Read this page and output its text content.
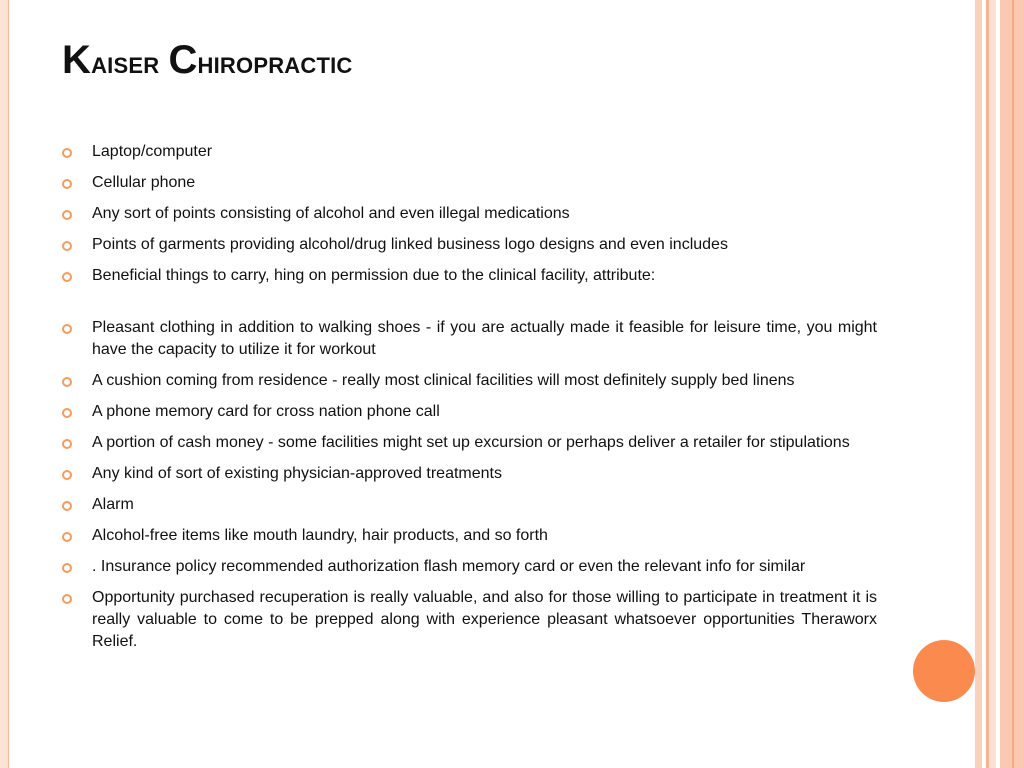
Kaiser Chiropractic
Laptop/computer
Cellular phone
Any sort of points consisting of alcohol and even illegal medications
Points of garments providing alcohol/drug linked business logo designs and even includes
Beneficial things to carry, hing on permission due to the clinical facility, attribute:
Pleasant clothing in addition to walking shoes - if you are actually made it feasible for leisure time, you might have the capacity to utilize it for workout
A cushion coming from residence - really most clinical facilities will most definitely supply bed linens
A phone memory card for cross nation phone call
A portion of cash money - some facilities might set up excursion or perhaps deliver a retailer for stipulations
Any kind of sort of existing physician-approved treatments
Alarm
Alcohol-free items like mouth laundry, hair products, and so forth
. Insurance policy recommended authorization flash memory card or even the relevant info for similar
Opportunity purchased recuperation is really valuable, and also for those willing to participate in treatment it is really valuable to come to be prepped along with experience pleasant whatsoever opportunities Theraworx Relief.
